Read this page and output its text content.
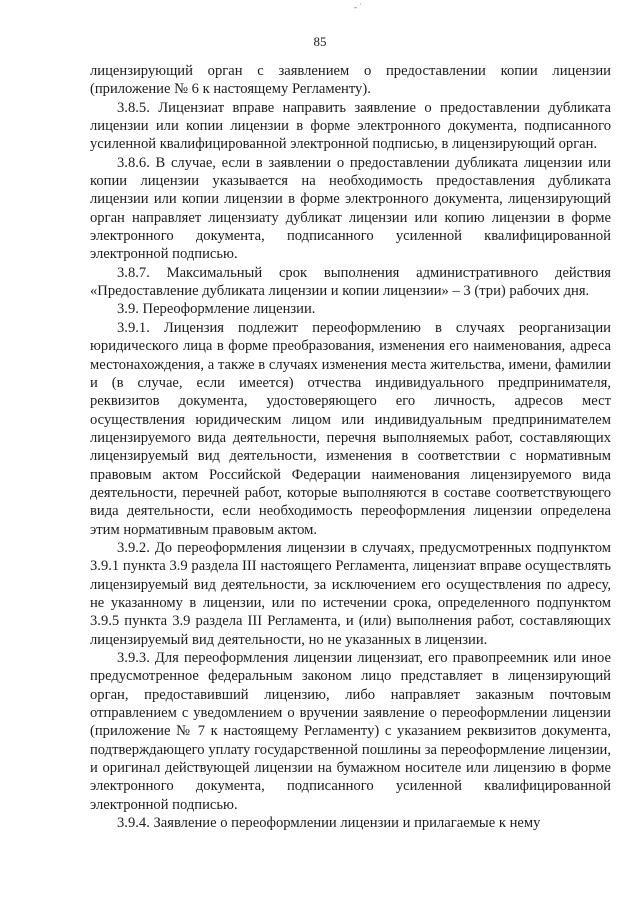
- ˙
85

лицензирующий орган с заявлением о предоставлении копии лицензии (приложение № 6 к настоящему Регламенту).

3.8.5. Лицензиат вправе направить заявление о предоставлении дубликата лицензии или копии лицензии в форме электронного документа, подписанного усиленной квалифицированной электронной подписью, в лицензирующий орган.

3.8.6. В случае, если в заявлении о предоставлении дубликата лицензии или копии лицензии указывается на необходимость предоставления дубликата лицензии или копии лицензии в форме электронного документа, лицензирующий орган направляет лицензиату дубликат лицензии или копию лицензии в форме электронного документа, подписанного усиленной квалифицированной электронной подписью.

3.8.7. Максимальный срок выполнения административного действия «Предоставление дубликата лицензии и копии лицензии» – 3 (три) рабочих дня.

3.9. Переоформление лицензии.

3.9.1. Лицензия подлежит переоформлению в случаях реорганизации юридического лица в форме преобразования, изменения его наименования, адреса местонахождения, а также в случаях изменения места жительства, имени, фамилии и (в случае, если имеется) отчества индивидуального предпринимателя, реквизитов документа, удостоверяющего его личность, адресов мест осуществления юридическим лицом или индивидуальным предпринимателем лицензируемого вида деятельности, перечня выполняемых работ, составляющих лицензируемый вид деятельности, изменения в соответствии с нормативным правовым актом Российской Федерации наименования лицензируемого вида деятельности, перечней работ, которые выполняются в составе соответствующего вида деятельности, если необходимость переоформления лицензии определена этим нормативным правовым актом.

3.9.2. До переоформления лицензии в случаях, предусмотренных подпунктом 3.9.1 пункта 3.9 раздела III настоящего Регламента, лицензиат вправе осуществлять лицензируемый вид деятельности, за исключением его осуществления по адресу, не указанному в лицензии, или по истечении срока, определенного подпунктом 3.9.5 пункта 3.9 раздела III Регламента, и (или) выполнения работ, составляющих лицензируемый вид деятельности, но не указанных в лицензии.

3.9.3. Для переоформления лицензии лицензиат, его правопреемник или иное предусмотренное федеральным законом лицо представляет в лицензирующий орган, предоставивший лицензию, либо направляет заказным почтовым отправлением с уведомлением о вручении заявление о переоформлении лицензии (приложение № 7 к настоящему Регламенту) с указанием реквизитов документа, подтверждающего уплату государственной пошлины за переоформление лицензии, и оригинал действующей лицензии на бумажном носителе или лицензию в форме электронного документа, подписанного усиленной квалифицированной электронной подписью.

3.9.4. Заявление о переоформлении лицензии и прилагаемые к нему
